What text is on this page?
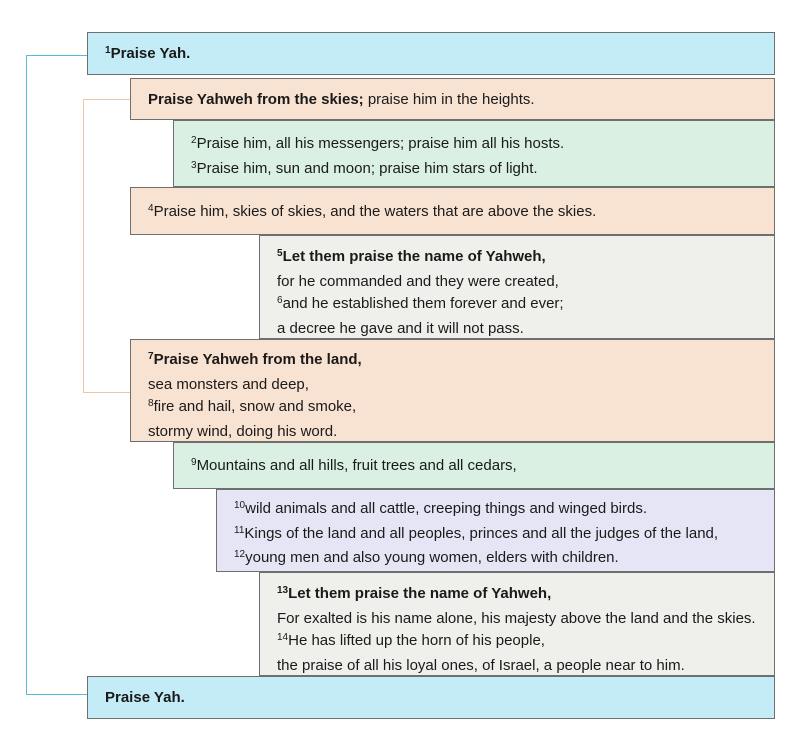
$^1$Praise Yah.
Praise Yahweh from the skies; praise him in the heights.
$^2$Praise him, all his messengers; praise him all his hosts.
$^3$Praise him, sun and moon; praise him stars of light.
$^4$Praise him, skies of skies, and the waters that are above the skies.
$^5$Let them praise the name of Yahweh,
for he commanded and they were created,
$^6$and he established them forever and ever;
a decree he gave and it will not pass.
$^7$Praise Yahweh from the land,
sea monsters and deep,
$^8$fire and hail, snow and smoke,
stormy wind, doing his word.
$^9$Mountains and all hills, fruit trees and all cedars,
$^{10}$wild animals and all cattle, creeping things and winged birds.
$^{11}$Kings of the land and all peoples, princes and all the judges of the land,
$^{12}$young men and also young women, elders with children.
$^{13}$Let them praise the name of Yahweh,
For exalted is his name alone, his majesty above the land and the skies.
$^{14}$He has lifted up the horn of his people,
the praise of all his loyal ones, of Israel, a people near to him.
Praise Yah.
